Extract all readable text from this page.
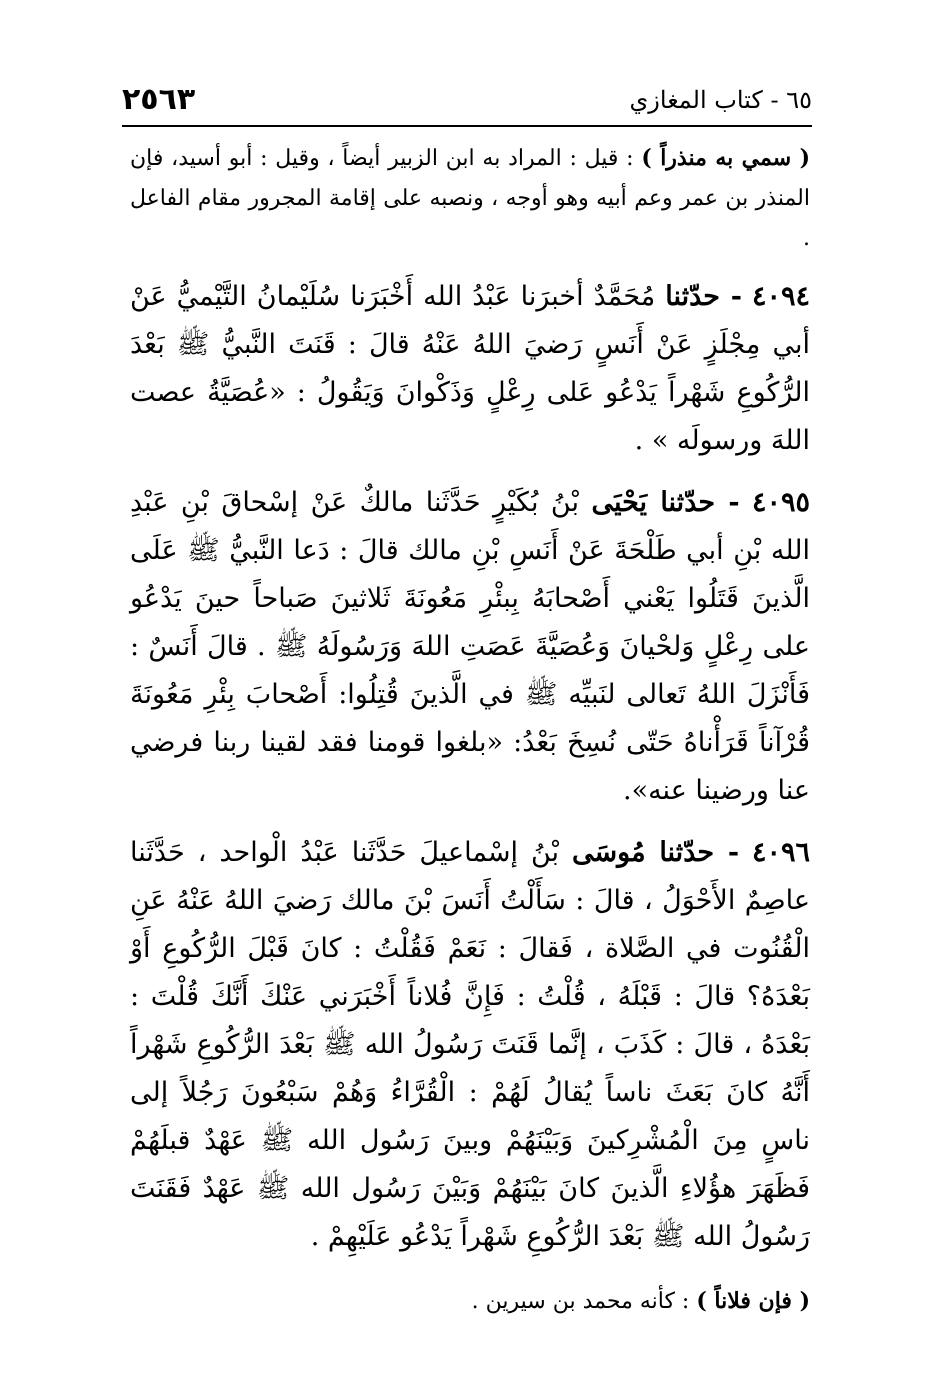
٢٥٦٣	٦٥ - كتاب المغازي

( سمي به منذراً ) : قيل : المراد به ابن الزبير أيضاً ، وقيل : أبو أسيد، فإن المنذر بن عمر وعم أبيه وهو أوجه ، ونصبه على إقامة المجرور مقام الفاعل .

٤٠٩٤ - حدّثنا مُحَمَّدٌ أخبرَنا عَبْدُ الله أَخْبَرَنا سُلَيْمانُ التَّيْميُّ عَنْ أبي مِجْلَزٍ عَنْ أَنَسٍ رَضيَ اللهُ عَنْهُ قالَ : قَنَتَ النَّبيُّ ﷺ بَعْدَ الرُّكُوعِ شَهْراً يَدْعُو عَلى رِعْلٍ وَذَكْوانَ وَيَقُولُ : «عُصَيَّةُ عصت اللهَ ورسولَه » .

٤٠٩٥ - حدّثنا يَحْيَى بْنُ بُكَيْرٍ حَدَّثَنا مالكٌ عَنْ إسْحاقَ بْنِ عَبْدِ الله بْنِ أبي طَلْحَةَ عَنْ أَنَسِ بْنِ مالك قالَ : دَعا النَّبيُّ ﷺ عَلَى الَّذينَ قَتَلُوا يَعْني أَصْحابَهُ بِبئْرِ مَعُونَةَ ثَلاثينَ صَباحاً حينَ يَدْعُو على رِعْلٍ وَلحْيانَ وَعُصَيَّةَ عَصَتِ اللهَ وَرَسُولَهُ ﷺ . قالَ أَنَسٌ : فَأَنْزَلَ اللهُ تَعالى لنَبيِّه ﷺ في الَّذينَ قُتِلُوا: أَصْحابَ بِئْرِ مَعُونَةَ قُرْآناً قَرَأْناهُ حَتّى نُسِخَ بَعْدُ: «بلغوا قومنا فقد لقينا ربنا فرضي عنا ورضينا عنه».

٤٠٩٦ - حدّثنا مُوسَى بْنُ إسْماعيلَ حَدَّثَنا عَبْدُ الْواحد ، حَدَّثَنا عاصِمٌ الأَحْوَلُ ، قالَ : سَأَلْتُ أَنَسَ بْنَ مالك رَضيَ اللهُ عَنْهُ عَنِ الْقُنُوت في الصَّلاة ، فَقالَ : نَعَمْ فَقُلْتُ : كانَ قَبْلَ الرُّكُوعِ أَوْ بَعْدَهُ؟ قالَ : قَبْلَهُ ، قُلْتُ : فَإِنَّ فُلاناً أَخْبَرَني عَنْكَ أَنَّكَ قُلْتَ : بَعْدَهُ ، قالَ : كَذَبَ ، إنَّما قَنَتَ رَسُولُ الله ﷺ بَعْدَ الرُّكُوعِ شَهْراً أَنَّهُ كانَ بَعَثَ ناساً يُقالُ لَهُمْ : الْقُرَّاءُ وَهُمْ سَبْعُونَ رَجُلاً إلى ناسٍ مِنَ الْمُشْرِكينَ وَبَيْنَهُمْ وبينَ رَسُول الله ﷺ عَهْدٌ قبلَهُمْ فَظَهَرَ هؤُلاءِ الَّذينَ كانَ بَيْنَهُمْ وَبَيْنَ رَسُول الله ﷺ عَهْدٌ فَقَنَتَ رَسُولُ الله ﷺ بَعْدَ الرُّكُوعِ شَهْراً يَدْعُو عَلَيْهِمْ .

( فإن فلاناً ) : كأنه محمد بن سيرين .
